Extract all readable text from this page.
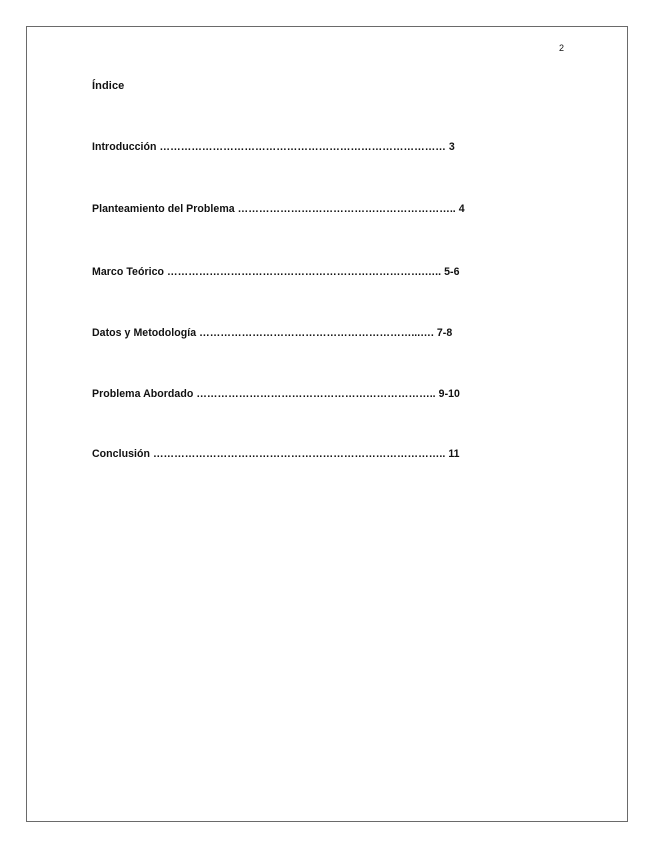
2
Índice
Introducción ……………………………………………………………………… 3
Planteamiento del Problema …………………………………………………….. 4
Marco Teórico ……………………………………………………………….….. 5-6
Datos y Metodología ……………………………………………………...…. 7-8
Problema Abordado ………………………………………………………….. 9-10
Conclusión ……………………………………………………………………….. 11
